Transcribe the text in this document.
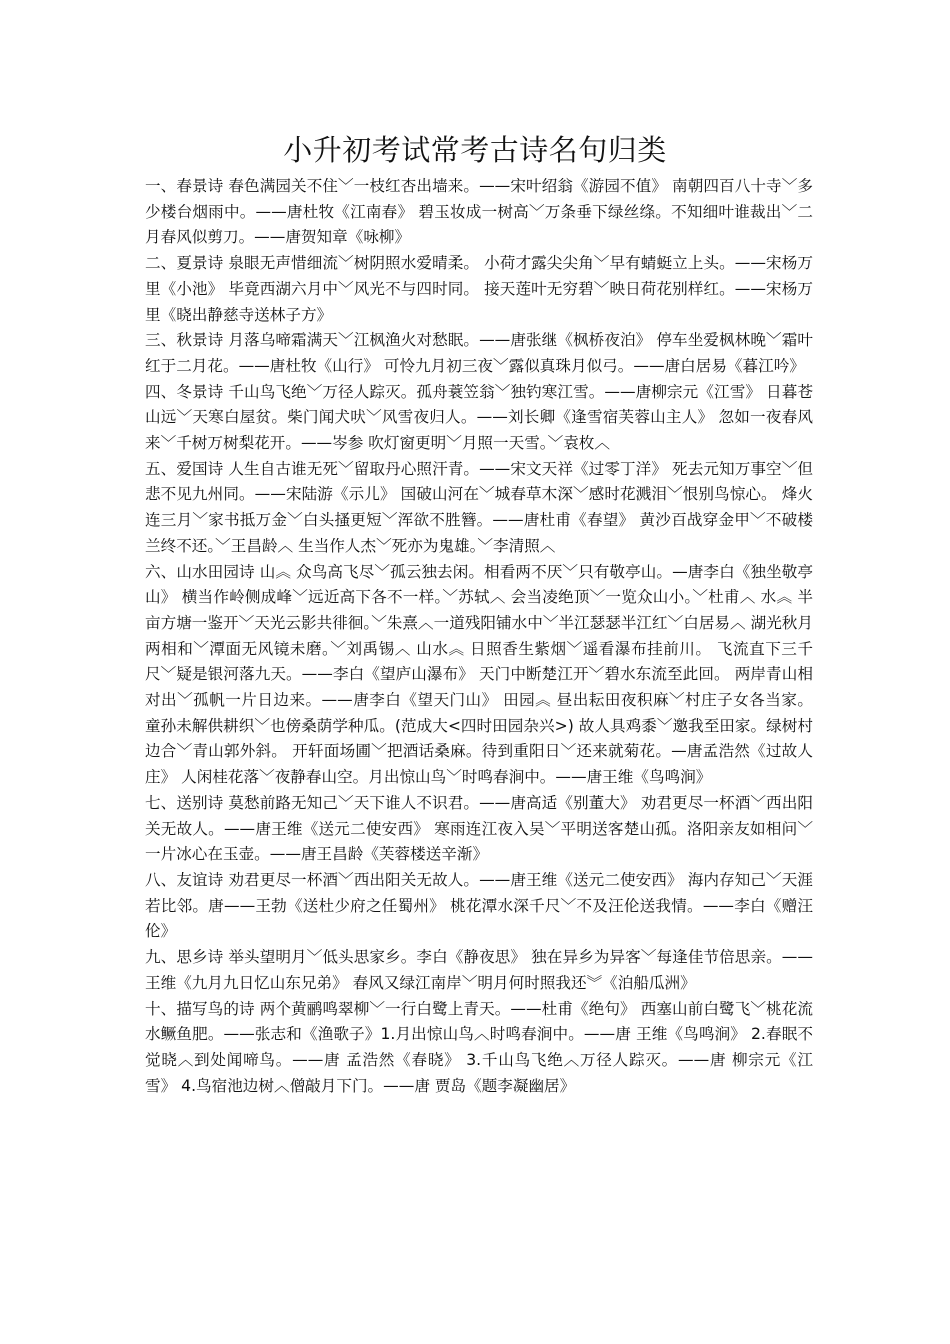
小升初考试常考古诗名句归类

一、春景诗 春色满园关不住﹀一枝红杏出墙来。——宋叶绍翁《游园不值》 南朝四百八十寺﹀多少楼台烟雨中。——唐杜牧《江南春》 碧玉妆成一树高﹀万条垂下绿丝绦。不知细叶谁裁出﹀二月春风似剪刀。——唐贺知章《咏柳》

二、夏景诗 泉眼无声惜细流﹀树阴照水爱晴柔。 小荷才露尖尖角﹀早有蜻蜓立上头。——宋杨万里《小池》 毕竟西湖六月中﹀风光不与四时同。 接天莲叶无穷碧﹀映日荷花别样红。——宋杨万里《晓出静慈寺送林子方》

三、秋景诗 月落乌啼霜满天﹀江枫渔火对愁眠。——唐张继《枫桥夜泊》 停车坐爱枫林晚﹀霜叶红于二月花。——唐杜牧《山行》 可怜九月初三夜﹀露似真珠月似弓。——唐白居易《暮江吟》

四、冬景诗 千山鸟飞绝﹀万径人踪灭。孤舟蓑笠翁﹀独钓寒江雪。——唐柳宗元《江雪》 日暮苍山远﹀天寒白屋贫。柴门闻犬吠﹀风雪夜归人。——刘长卿《逢雪宿芙蓉山主人》 忽如一夜春风来﹀千树万树梨花开。——岑参 吹灯窗更明﹀月照一天雪。﹀袁枚︿

五、爱国诗 人生自古谁无死﹀留取丹心照汗青。——宋文天祥《过零丁洋》 死去元知万事空﹀但悲不见九州同。——宋陆游《示儿》 国破山河在﹀城春草木深﹀感时花溅泪﹀恨别鸟惊心。 烽火连三月﹀家书抵万金﹀白头搔更短﹀浑欲不胜簪。——唐杜甫《春望》 黄沙百战穿金甲﹀不破楼兰终不还。﹀王昌龄︿ 生当作人杰﹀死亦为鬼雄。﹀李清照︿

六、山水田园诗 山︽ 众鸟高飞尽﹀孤云独去闲。相看两不厌﹀只有敬亭山。—唐李白《独坐敬亭山》 横当作岭侧成峰﹀远近高下各不一样。﹀苏轼︿ 会当凌绝顶﹀一览众山小。﹀杜甫︿ 水︽ 半亩方塘一鉴开﹀天光云影共徘徊。﹀朱熹︿一道残阳铺水中﹀半江瑟瑟半江红﹀白居易︿ 湖光秋月两相和﹀潭面无风镜未磨。﹀刘禹锡︿ 山水︽ 日照香生紫烟﹀遥看瀑布挂前川。 飞流直下三千尺﹀疑是银河落九天。——李白《望庐山瀑布》 天门中断楚江开﹀碧水东流至此回。 两岸青山相对出﹀孤帆一片日边来。——唐李白《望天门山》 田园︽ 昼出耘田夜积麻﹀村庄子女各当家。 童孙未解供耕织﹀也傍桑荫学种瓜。(范成大<四时田园杂兴>) 故人具鸡黍﹀邀我至田家。绿树村边合﹀青山郭外斜。 开轩面场圃﹀把酒话桑麻。待到重阳日﹀还来就菊花。—唐孟浩然《过故人庄》 人闲桂花落﹀夜静春山空。月出惊山鸟﹀时鸣春涧中。——唐王维《鸟鸣涧》

七、送别诗 莫愁前路无知己﹀天下谁人不识君。——唐高适《别董大》 劝君更尽一杯酒﹀西出阳关无故人。——唐王维《送元二使安西》 寒雨连江夜入吴﹀平明送客楚山孤。洛阳亲友如相问﹀一片冰心在玉壶。——唐王昌龄《芙蓉楼送辛渐》

八、友谊诗 劝君更尽一杯酒﹀西出阳关无故人。——唐王维《送元二使安西》 海内存知己﹀天涯若比邻。唐——王勃《送杜少府之任蜀州》 桃花潭水深千尺﹀不及汪伦送我情。——李白《赠汪伦》

九、思乡诗 举头望明月﹀低头思家乡。李白《静夜思》 独在异乡为异客﹀每逢佳节倍思亲。——王维《九月九日忆山东兄弟》 春风又绿江南岸﹀明月何时照我还︾《泊船瓜洲》

十、描写鸟的诗 两个黄鹂鸣翠柳﹀一行白鹭上青天。——杜甫《绝句》 西塞山前白鹭飞﹀桃花流水鳜鱼肥。——张志和《渔歌子》1.月出惊山鸟︿时鸣春涧中。——唐 王维《鸟鸣涧》 2.春眠不觉晓︿到处闻啼鸟。——唐 孟浩然《春晓》 3.千山鸟飞绝︿万径人踪灭。——唐 柳宗元《江雪》 4.鸟宿池边树︿僧敲月下门。——唐 贾岛《题李凝幽居》
